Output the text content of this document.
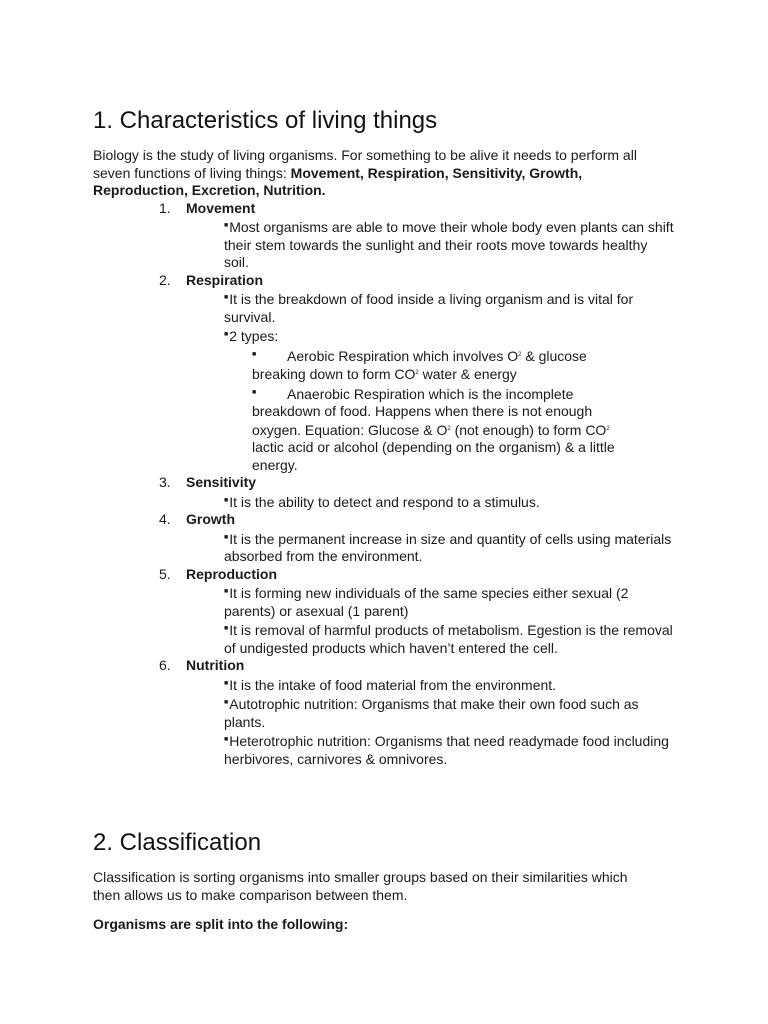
1. Characteristics of living things

Biology is the study of living organisms. For something to be alive it needs to perform all seven functions of living things: Movement, Respiration, Sensitivity, Growth, Reproduction, Excretion, Nutrition.

1. Movement
■Most organisms are able to move their whole body even plants can shift their stem towards the sunlight and their roots move towards healthy soil.
2. Respiration
■It is the breakdown of food inside a living organism and is vital for survival.
■2 types:
■ Aerobic Respiration which involves $O^2$ & glucose breaking down to form $CO^2$ water & energy
■ Anaerobic Respiration which is the incomplete breakdown of food. Happens when there is not enough oxygen. Equation: Glucose & $O^2$ (not enough) to form $CO^2$ lactic acid or alcohol (depending on the organism) & a little energy.
3. Sensitivity
■It is the ability to detect and respond to a stimulus.
4. Growth
■It is the permanent increase in size and quantity of cells using materials absorbed from the environment.
5. Reproduction
■It is forming new individuals of the same species either sexual (2 parents) or asexual (1 parent)
■It is removal of harmful products of metabolism. Egestion is the removal of undigested products which haven’t entered the cell.
6. Nutrition
■It is the intake of food material from the environment.
■Autotrophic nutrition: Organisms that make their own food such as plants.
■Heterotrophic nutrition: Organisms that need readymade food including herbivores, carnivores & omnivores.
2. Classification

Classification is sorting organisms into smaller groups based on their similarities which then allows us to make comparison between them.

Organisms are split into the following:
